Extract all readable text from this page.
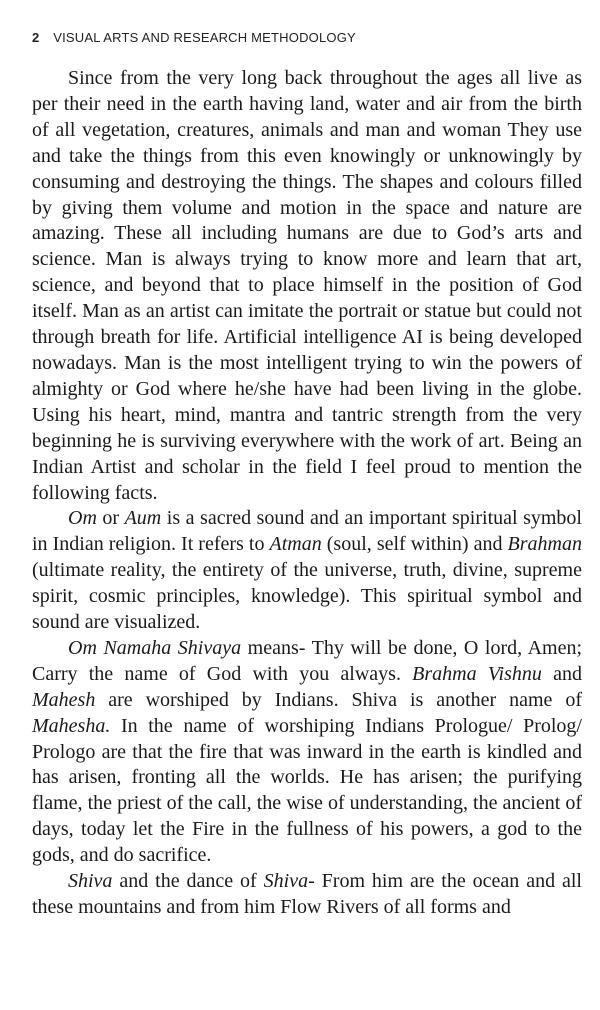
2 VISUAL ARTS AND RESEARCH METHODOLOGY

Since from the very long back throughout the ages all live as per their need in the earth having land, water and air from the birth of all vegetation, creatures, animals and man and woman They use and take the things from this even knowingly or unknowingly by consuming and destroying the things. The shapes and colours filled by giving them volume and motion in the space and nature are amazing. These all including humans are due to God’s arts and science. Man is always trying to know more and learn that art, science, and beyond that to place himself in the position of God itself. Man as an artist can imitate the portrait or statue but could not through breath for life. Artificial intelligence AI is being developed nowadays. Man is the most intelligent trying to win the powers of almighty or God where he/she have had been living in the globe. Using his heart, mind, mantra and tantric strength from the very beginning he is surviving everywhere with the work of art. Being an Indian Artist and scholar in the field I feel proud to mention the following facts.

Om or Aum is a sacred sound and an important spiritual symbol in Indian religion. It refers to Atman (soul, self within) and Brahman (ultimate reality, the entirety of the universe, truth, divine, supreme spirit, cosmic principles, knowledge). This spiritual symbol and sound are visualized.

Om Namaha Shivaya means- Thy will be done, O lord, Amen; Carry the name of God with you always. Brahma Vishnu and Mahesh are worshiped by Indians. Shiva is another name of Mahesha. In the name of worshiping Indians Prologue/ Prolog/ Prologo are that the fire that was inward in the earth is kindled and has arisen, fronting all the worlds. He has arisen; the purifying flame, the priest of the call, the wise of understanding, the ancient of days, today let the Fire in the fullness of his powers, a god to the gods, and do sacrifice.

Shiva and the dance of Shiva- From him are the ocean and all these mountains and from him Flow Rivers of all forms and
